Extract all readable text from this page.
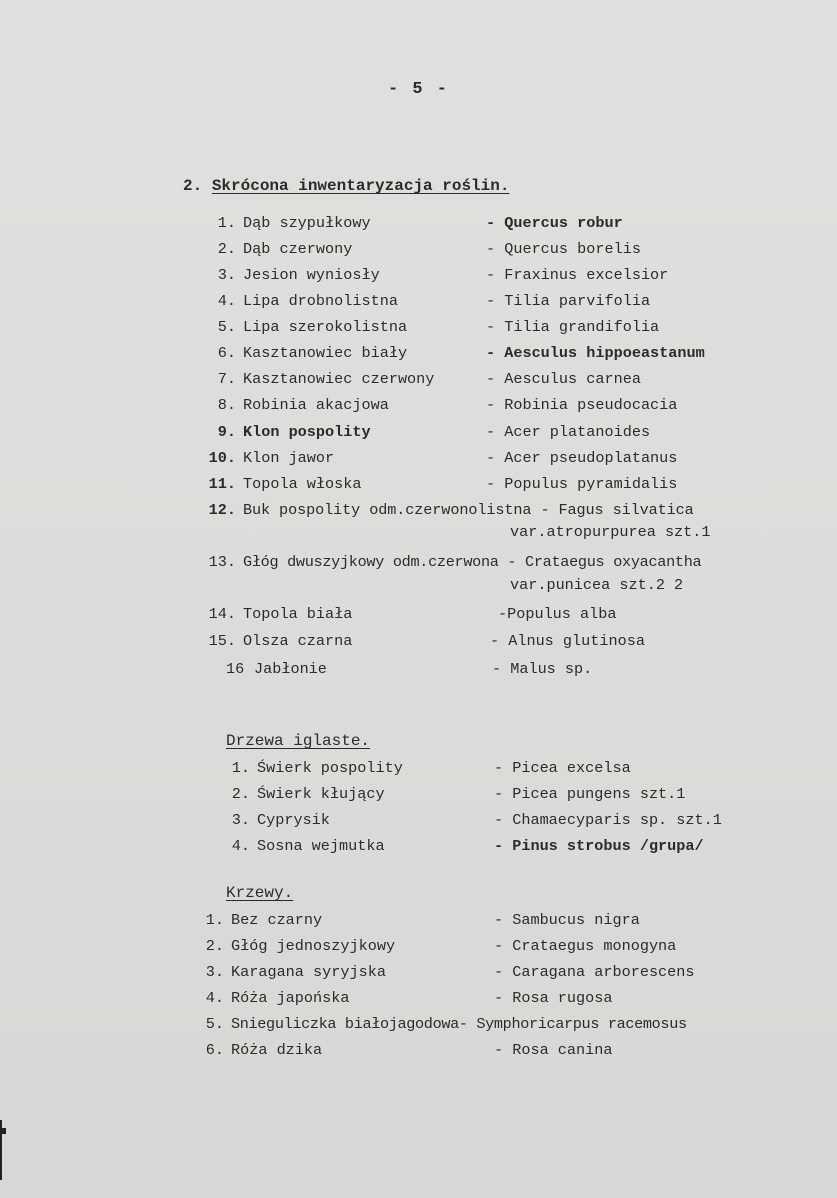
- 5 -
2. Skrócona inwentaryzacja roślin.
1. Dąb szypułkowy	- Quercus robur
2. Dąb czerwony	- Quercus borelis
3. Jesion wyniosły	- Fraxinus excelsior
4. Lipa drobnolistna	- Tilia parvifolia
5. Lipa szerokolistna	- Tilia grandifolia
6. Kasztanowiec biały	- Aesculus hippoeastanum
7. Kasztanowiec czerwony	- Aesculus carnea
8. Robinia akacjowa	- Robinia pseudocacia
9. Klon pospolity	- Acer platanoides
10. Klon jawor	- Acer pseudoplatanus
11. Topola włoska	- Populus pyramidalis
12. Buk pospolity odm.czerwonolistna - Fagus silvatica
var.atropurpurea szt.1
13. Głóg dwuszyjkowy odm.czerwona - Crataegus oxyacantha
var.punicea szt.2 2
14. Topola biała	-Populus alba
15. Olsza czarna	- Alnus glutinosa
16 Jabłonie	- Malus sp.
Drzewa iglaste.
1. Świerk pospolity	- Picea excelsa
2. Świerk kłujący	- Picea pungens szt.1
3. Cyprysik	- Chamaecyparis sp. szt.1
4. Sosna wejmutka	- Pinus strobus /grupa/
Krzewy.
1. Bez czarny	- Sambucus nigra
2. Głóg jednoszyjkowy	- Crataegus monogyna
3. Karagana syryjska	- Caragana arborescens
4. Róża japońska	- Rosa rugosa
5. Snieguliczka białojagodowa- Symphoricarpus racemosus
6. Róża dzika	- Rosa canina
